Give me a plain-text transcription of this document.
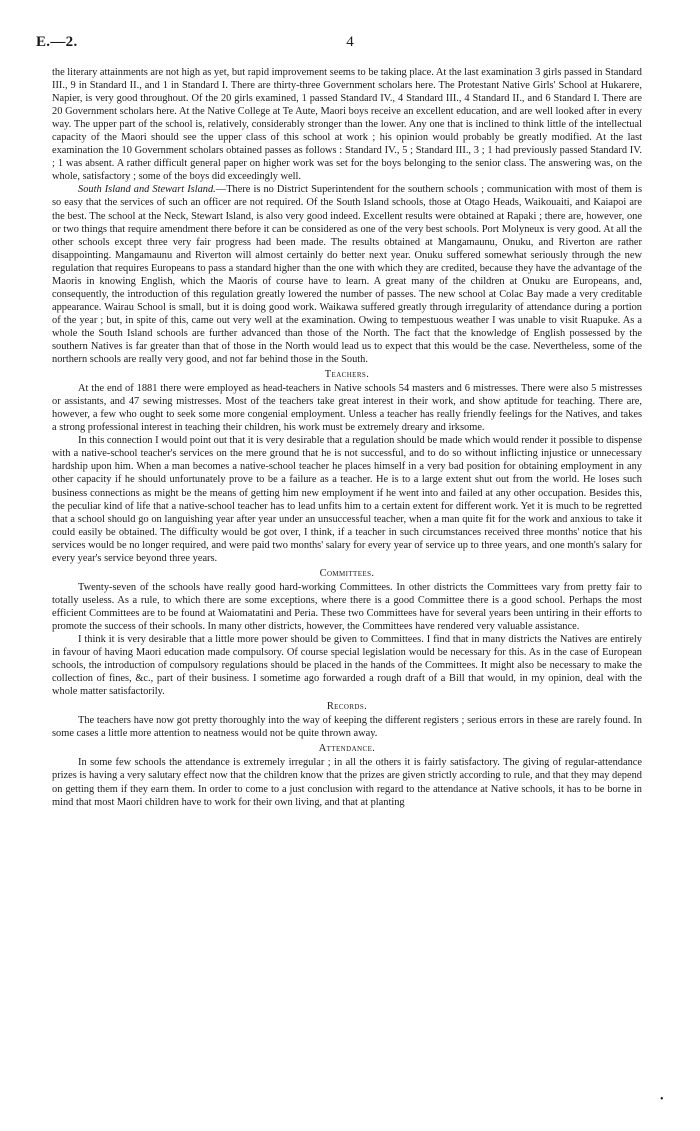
E.—2.	4

the literary attainments are not high as yet, but rapid improvement seems to be taking place. At the last examination 3 girls passed in Standard III., 9 in Standard II., and 1 in Standard I. There are thirty-three Government scholars here. The Protestant Native Girls' School at Hukarere, Napier, is very good throughout. Of the 20 girls examined, 1 passed Standard IV., 4 Standard III., 4 Standard II., and 6 Standard I. There are 20 Government scholars here. At the Native College at Te Aute, Maori boys receive an excellent education, and are well looked after in every way. The upper part of the school is, relatively, considerably stronger than the lower. Any one that is inclined to think little of the intellectual capacity of the Maori should see the upper class of this school at work ; his opinion would probably be greatly modified. At the last examination the 10 Government scholars obtained passes as follows : Standard IV., 5 ; Standard III., 3 ; 1 had previously passed Standard IV. ; 1 was absent. A rather difficult general paper on higher work was set for the boys belonging to the senior class. The answering was, on the whole, satisfactory ; some of the boys did exceedingly well.

South Island and Stewart Island.—There is no District Superintendent for the southern schools ; communication with most of them is so easy that the services of such an officer are not required. Of the South Island schools, those at Otago Heads, Waikouaiti, and Kaiapoi are the best. The school at the Neck, Stewart Island, is also very good indeed. Excellent results were obtained at Rapaki ; there are, however, one or two things that require amendment there before it can be considered as one of the very best schools. Port Molyneux is very good. At all the other schools except three very fair progress had been made. The results obtained at Mangamaunu, Onuku, and Riverton are rather disappointing. Mangamaunu and Riverton will almost certainly do better next year. Onuku suffered somewhat seriously through the new regulation that requires Europeans to pass a standard higher than the one with which they are credited, because they have the advantage of the Maoris in knowing English, which the Maoris of course have to learn. A great many of the children at Onuku are Europeans, and, consequently, the introduction of this regulation greatly lowered the number of passes. The new school at Colac Bay made a very creditable appearance. Wairau School is small, but it is doing good work. Waikawa suffered greatly through irregularity of attendance during a portion of the year ; but, in spite of this, came out very well at the examination. Owing to tempestuous weather I was unable to visit Ruapuke. As a whole the South Island schools are further advanced than those of the North. The fact that the knowledge of English possessed by the southern Natives is far greater than that of those in the North would lead us to expect that this would be the case. Nevertheless, some of the northern schools are really very good, and not far behind those in the South.

Teachers.

At the end of 1881 there were employed as head-teachers in Native schools 54 masters and 6 mistresses. There were also 5 mistresses or assistants, and 47 sewing mistresses. Most of the teachers take great interest in their work, and show aptitude for teaching. There are, however, a few who ought to seek some more congenial employment. Unless a teacher has really friendly feelings for the Natives, and takes a strong professional interest in teaching their children, his work must be extremely dreary and irksome.

In this connection I would point out that it is very desirable that a regulation should be made which would render it possible to dispense with a native-school teacher's services on the mere ground that he is not successful, and to do so without inflicting injustice or unnecessary hardship upon him. When a man becomes a native-school teacher he places himself in a very bad position for obtaining employment in any other capacity if he should unfortunately prove to be a failure as a teacher. He is to a large extent shut out from the world. He loses such business connections as might be the means of getting him new employment if he went into and failed at any other occupation. Besides this, the peculiar kind of life that a native-school teacher has to lead unfits him to a certain extent for different work. Yet it is much to be regretted that a school should go on languishing year after year under an unsuccessful teacher, when a man quite fit for the work and anxious to take it could easily be obtained. The difficulty would be got over, I think, if a teacher in such circumstances received three months' notice that his services would be no longer required, and were paid two months' salary for every year of service up to three years, and one month's salary for every year's service beyond three years.

Committees.

Twenty-seven of the schools have really good hard-working Committees. In other districts the Committees vary from pretty fair to totally useless. As a rule, to which there are some exceptions, where there is a good Committee there is a good school. Perhaps the most efficient Committees are to be found at Waiomatatini and Peria. These two Committees have for several years been untiring in their efforts to promote the success of their schools. In many other districts, however, the Committees have rendered very valuable assistance.

I think it is very desirable that a little more power should be given to Committees. I find that in many districts the Natives are entirely in favour of having Maori education made compulsory. Of course special legislation would be necessary for this. As in the case of European schools, the introduction of compulsory regulations should be placed in the hands of the Committees. It might also be necessary to make the collection of fines, &c., part of their business. I sometime ago forwarded a rough draft of a Bill that would, in my opinion, deal with the whole matter satisfactorily.

Records.

The teachers have now got pretty thoroughly into the way of keeping the different registers ; serious errors in these are rarely found. In some cases a little more attention to neatness would not be quite thrown away.

Attendance.

In some few schools the attendance is extremely irregular ; in all the others it is fairly satisfactory. The giving of regular-attendance prizes is having a very salutary effect now that the children know that the prizes are given strictly according to rule, and that they may depend on getting them if they earn them. In order to come to a just conclusion with regard to the attendance at Native schools, it has to be borne in mind that most Maori children have to work for their own living, and that at planting

•
